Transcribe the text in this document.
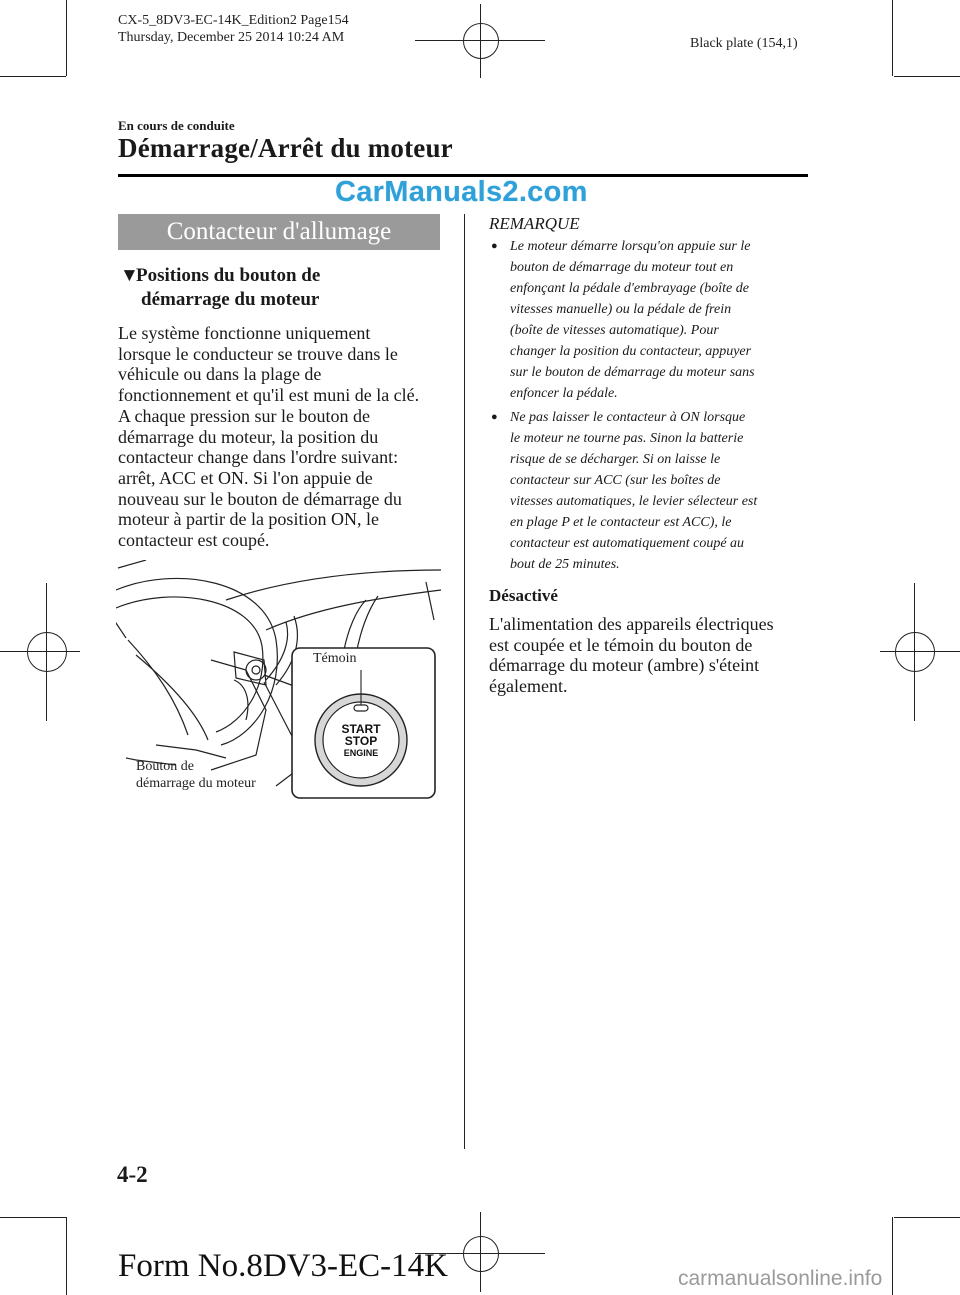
CX-5_8DV3-EC-14K_Edition2 Page154
Thursday, December 25 2014 10:24 AM	Black plate (154,1)
En cours de conduite
Démarrage/Arrêt du moteur
CarManuals2.com
Contacteur d'allumage
▼Positions du bouton de
démarrage du moteur

Le système fonctionne uniquement

lorsque le conducteur se trouve dans le

véhicule ou dans la plage de

fonctionnement et qu'il est muni de la clé.

A chaque pression sur le bouton de

démarrage du moteur, la position du

contacteur change dans l'ordre suivant:

arrêt, ACC et ON. Si l'on appuie de

nouveau sur le bouton de démarrage du

moteur à partir de la position ON, le

contacteur est coupé.

Témoin
Bouton de
démarrage du moteur
START
STOP
ENGINE
REMARQUE
● Le moteur démarre lorsqu'on appuie sur le
bouton de démarrage du moteur tout en
enfonçant la pédale d'embrayage (boîte de
vitesses manuelle) ou la pédale de frein
(boîte de vitesses automatique). Pour
changer la position du contacteur, appuyer
sur le bouton de démarrage du moteur sans
enfoncer la pédale.
● Ne pas laisser le contacteur à ON lorsque
le moteur ne tourne pas. Sinon la batterie
risque de se décharger. Si on laisse le
contacteur sur ACC (sur les boîtes de
vitesses automatiques, le levier sélecteur est
en plage P et le contacteur est ACC), le
contacteur est automatiquement coupé au
bout de 25 minutes.
Désactivé
L'alimentation des appareils électriques
est coupée et le témoin du bouton de
démarrage du moteur (ambre) s'éteint
également.
4-2
Form No.8DV3-EC-14K	carmanualsonline.info
